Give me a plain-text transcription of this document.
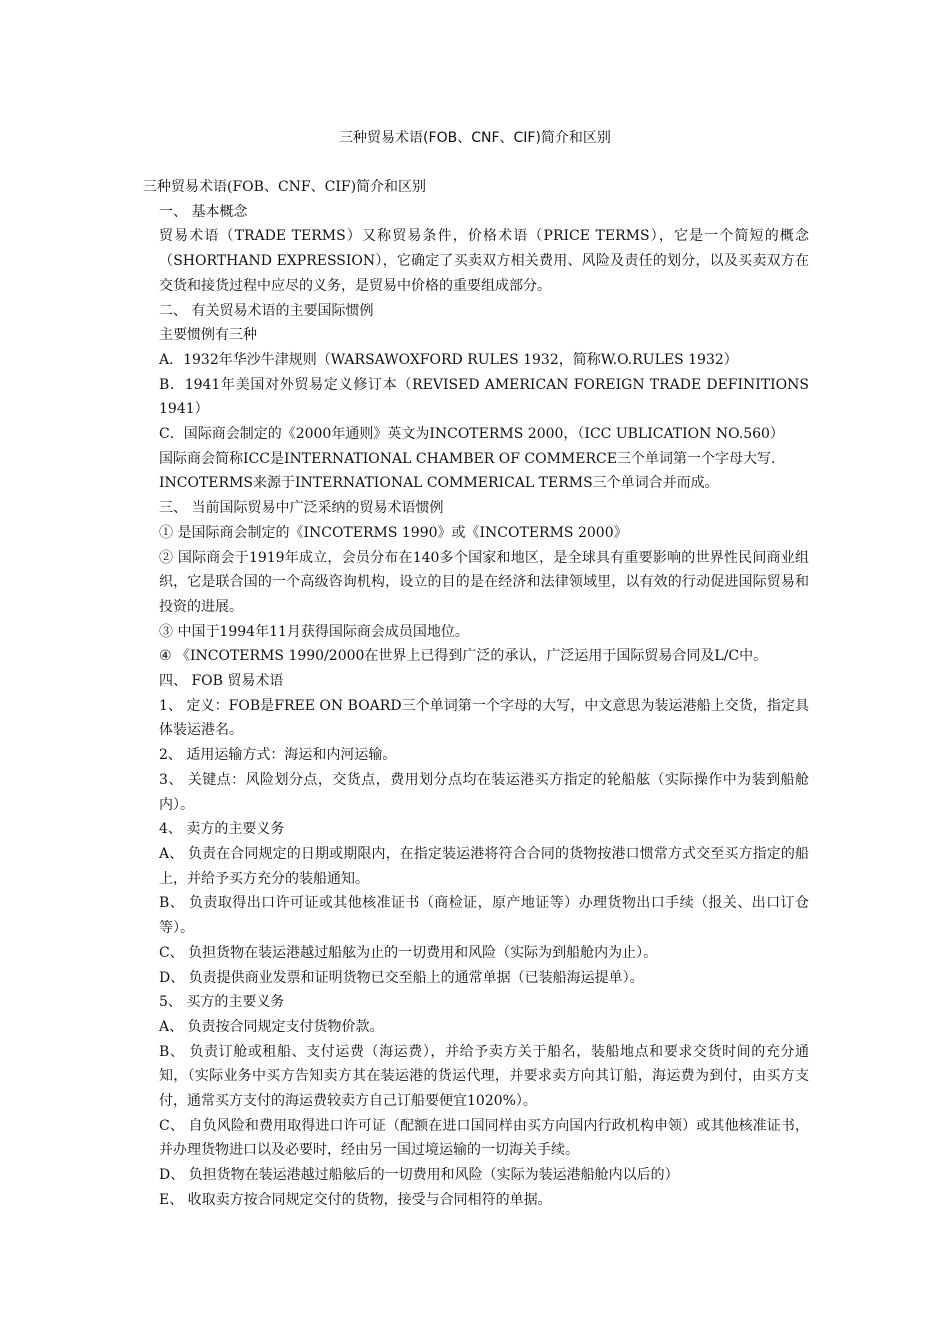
三种贸易术语(FOB、CNF、CIF)简介和区别

三种贸易术语(FOB、CNF、CIF)简介和区别

一、 基本概念

贸易术语（TRADE TERMS）又称贸易条件，价格术语（PRICE TERMS），它是一个简短的概念（SHORTHAND EXPRESSION），它确定了买卖双方相关费用、风险及责任的划分，以及买卖双方在交货和接货过程中应尽的义务，是贸易中价格的重要组成部分。

二、 有关贸易术语的主要国际惯例

主要惯例有三种

A．1932年华沙牛津规则（WARSAWOXFORD RULES 1932，简称W.O.RULES 1932）

B．1941年美国对外贸易定义修订本（REVISED AMERICAN FOREIGN TRADE DEFINITIONS 1941）

C．国际商会制定的《2000年通则》英文为INCOTERMS 2000，（ICC UBLICATION NO.560）

国际商会简称ICC是INTERNATIONAL CHAMBER OF COMMERCE三个单词第一个字母大写.

INCOTERMS来源于INTERNATIONAL COMMERICAL TERMS三个单词合并而成。

三、 当前国际贸易中广泛采纳的贸易术语惯例

① 是国际商会制定的《INCOTERMS 1990》或《INCOTERMS 2000》

② 国际商会于1919年成立，会员分布在140多个国家和地区，是全球具有重要影响的世界性民间商业组织，它是联合国的一个高级咨询机构，设立的目的是在经济和法律领域里，以有效的行动促进国际贸易和投资的进展。

③ 中国于1994年11月获得国际商会成员国地位。

④ 《INCOTERMS 1990/2000在世界上已得到广泛的承认，广泛运用于国际贸易合同及L/C中。

四、 FOB 贸易术语

1、 定义：FOB是FREE ON BOARD三个单词第一个字母的大写，中文意思为装运港船上交货，指定具体装运港名。

2、 适用运输方式：海运和内河运输。

3、 关键点：风险划分点，交货点，费用划分点均在装运港买方指定的轮船舷（实际操作中为装到船舱内）。

4、 卖方的主要义务

A、 负责在合同规定的日期或期限内，在指定装运港将符合合同的货物按港口惯常方式交至买方指定的船上，并给予买方充分的装船通知。

B、 负责取得出口许可证或其他核准证书（商检证，原产地证等）办理货物出口手续（报关、出口订仓等）。

C、 负担货物在装运港越过船舷为止的一切费用和风险（实际为到船舱内为止）。

D、 负责提供商业发票和证明货物已交至船上的通常单据（已装船海运提单）。

5、 买方的主要义务

A、 负责按合同规定支付货物价款。

B、 负责订舱或租船、支付运费（海运费），并给予卖方关于船名，装船地点和要求交货时间的充分通知，（实际业务中买方告知卖方其在装运港的货运代理，并要求卖方向其订船，海运费为到付，由买方支付，通常买方支付的海运费较卖方自己订船要便宜1020%）。

C、 自负风险和费用取得进口许可证（配额在进口国同样由买方向国内行政机构申领）或其他核准证书，并办理货物进口以及必要时，经由另一国过境运输的一切海关手续。

D、 负担货物在装运港越过船舷后的一切费用和风险（实际为装运港船舱内以后的）

E、 收取卖方按合同规定交付的货物，接受与合同相符的单据。
